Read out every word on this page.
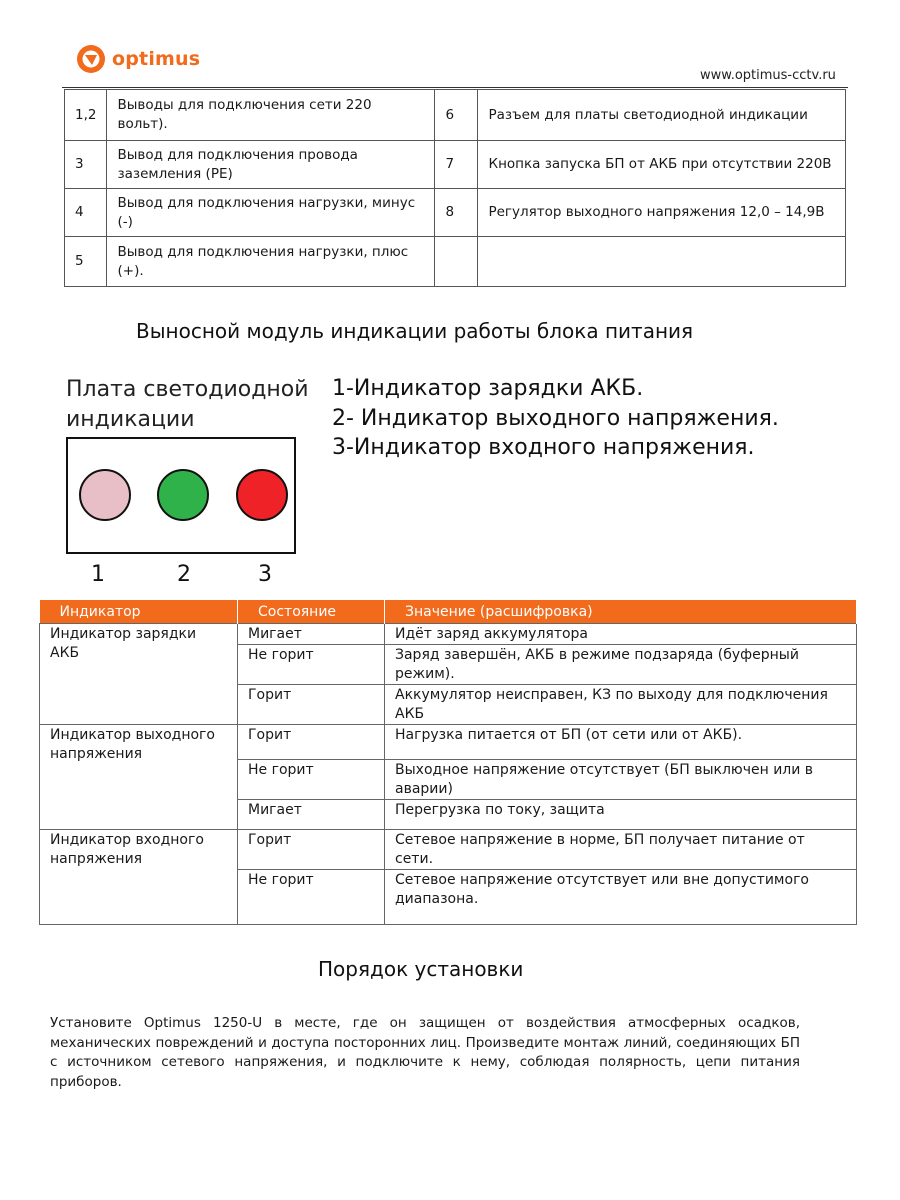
optimus
www.optimus-cctv.ru
1,2	Выводы для подключения сети 220 вольт).	6	Разъем для платы светодиодной индикации
3	Вывод для подключения провода заземления (PE)	7	Кнопка запуска БП от АКБ при отсутствии 220В
4	Вывод для подключения нагрузки, минус (-)	8	Регулятор выходного напряжения 12,0 – 14,9В
5	Вывод для подключения нагрузки, плюс (+).		
Выносной модуль индикации работы блока питания
Плата светодиодной
индикации
1	2	3
1-Индикатор зарядки АКБ.
2- Индикатор выходного напряжения.
3-Индикатор входного напряжения.
Индикатор	Состояние	Значение (расшифровка)
Индикатор зарядки АКБ	Мигает	Идёт заряд аккумулятора
	Не горит	Заряд завершён, АКБ в режиме подзаряда (буферный режим).
	Горит	Аккумулятор неисправен, КЗ по выходу для подключения АКБ
Индикатор выходного напряжения	Горит	Нагрузка питается от БП (от сети или от АКБ).
	Не горит	Выходное напряжение отсутствует (БП выключен или в аварии)
	Мигает	Перегрузка по току, защита
Индикатор входного напряжения	Горит	Сетевое напряжение в норме, БП получает питание от сети.
	Не горит	Сетевое напряжение отсутствует или вне допустимого диапазона.
Порядок установки
Установите Optimus 1250-U в месте, где он защищен от воздействия атмосферных осадков, механических повреждений и доступа посторонних лиц. Произведите монтаж линий, соединяющих БП с источником сетевого напряжения, и подключите к нему, соблюдая полярность, цепи питания приборов.
